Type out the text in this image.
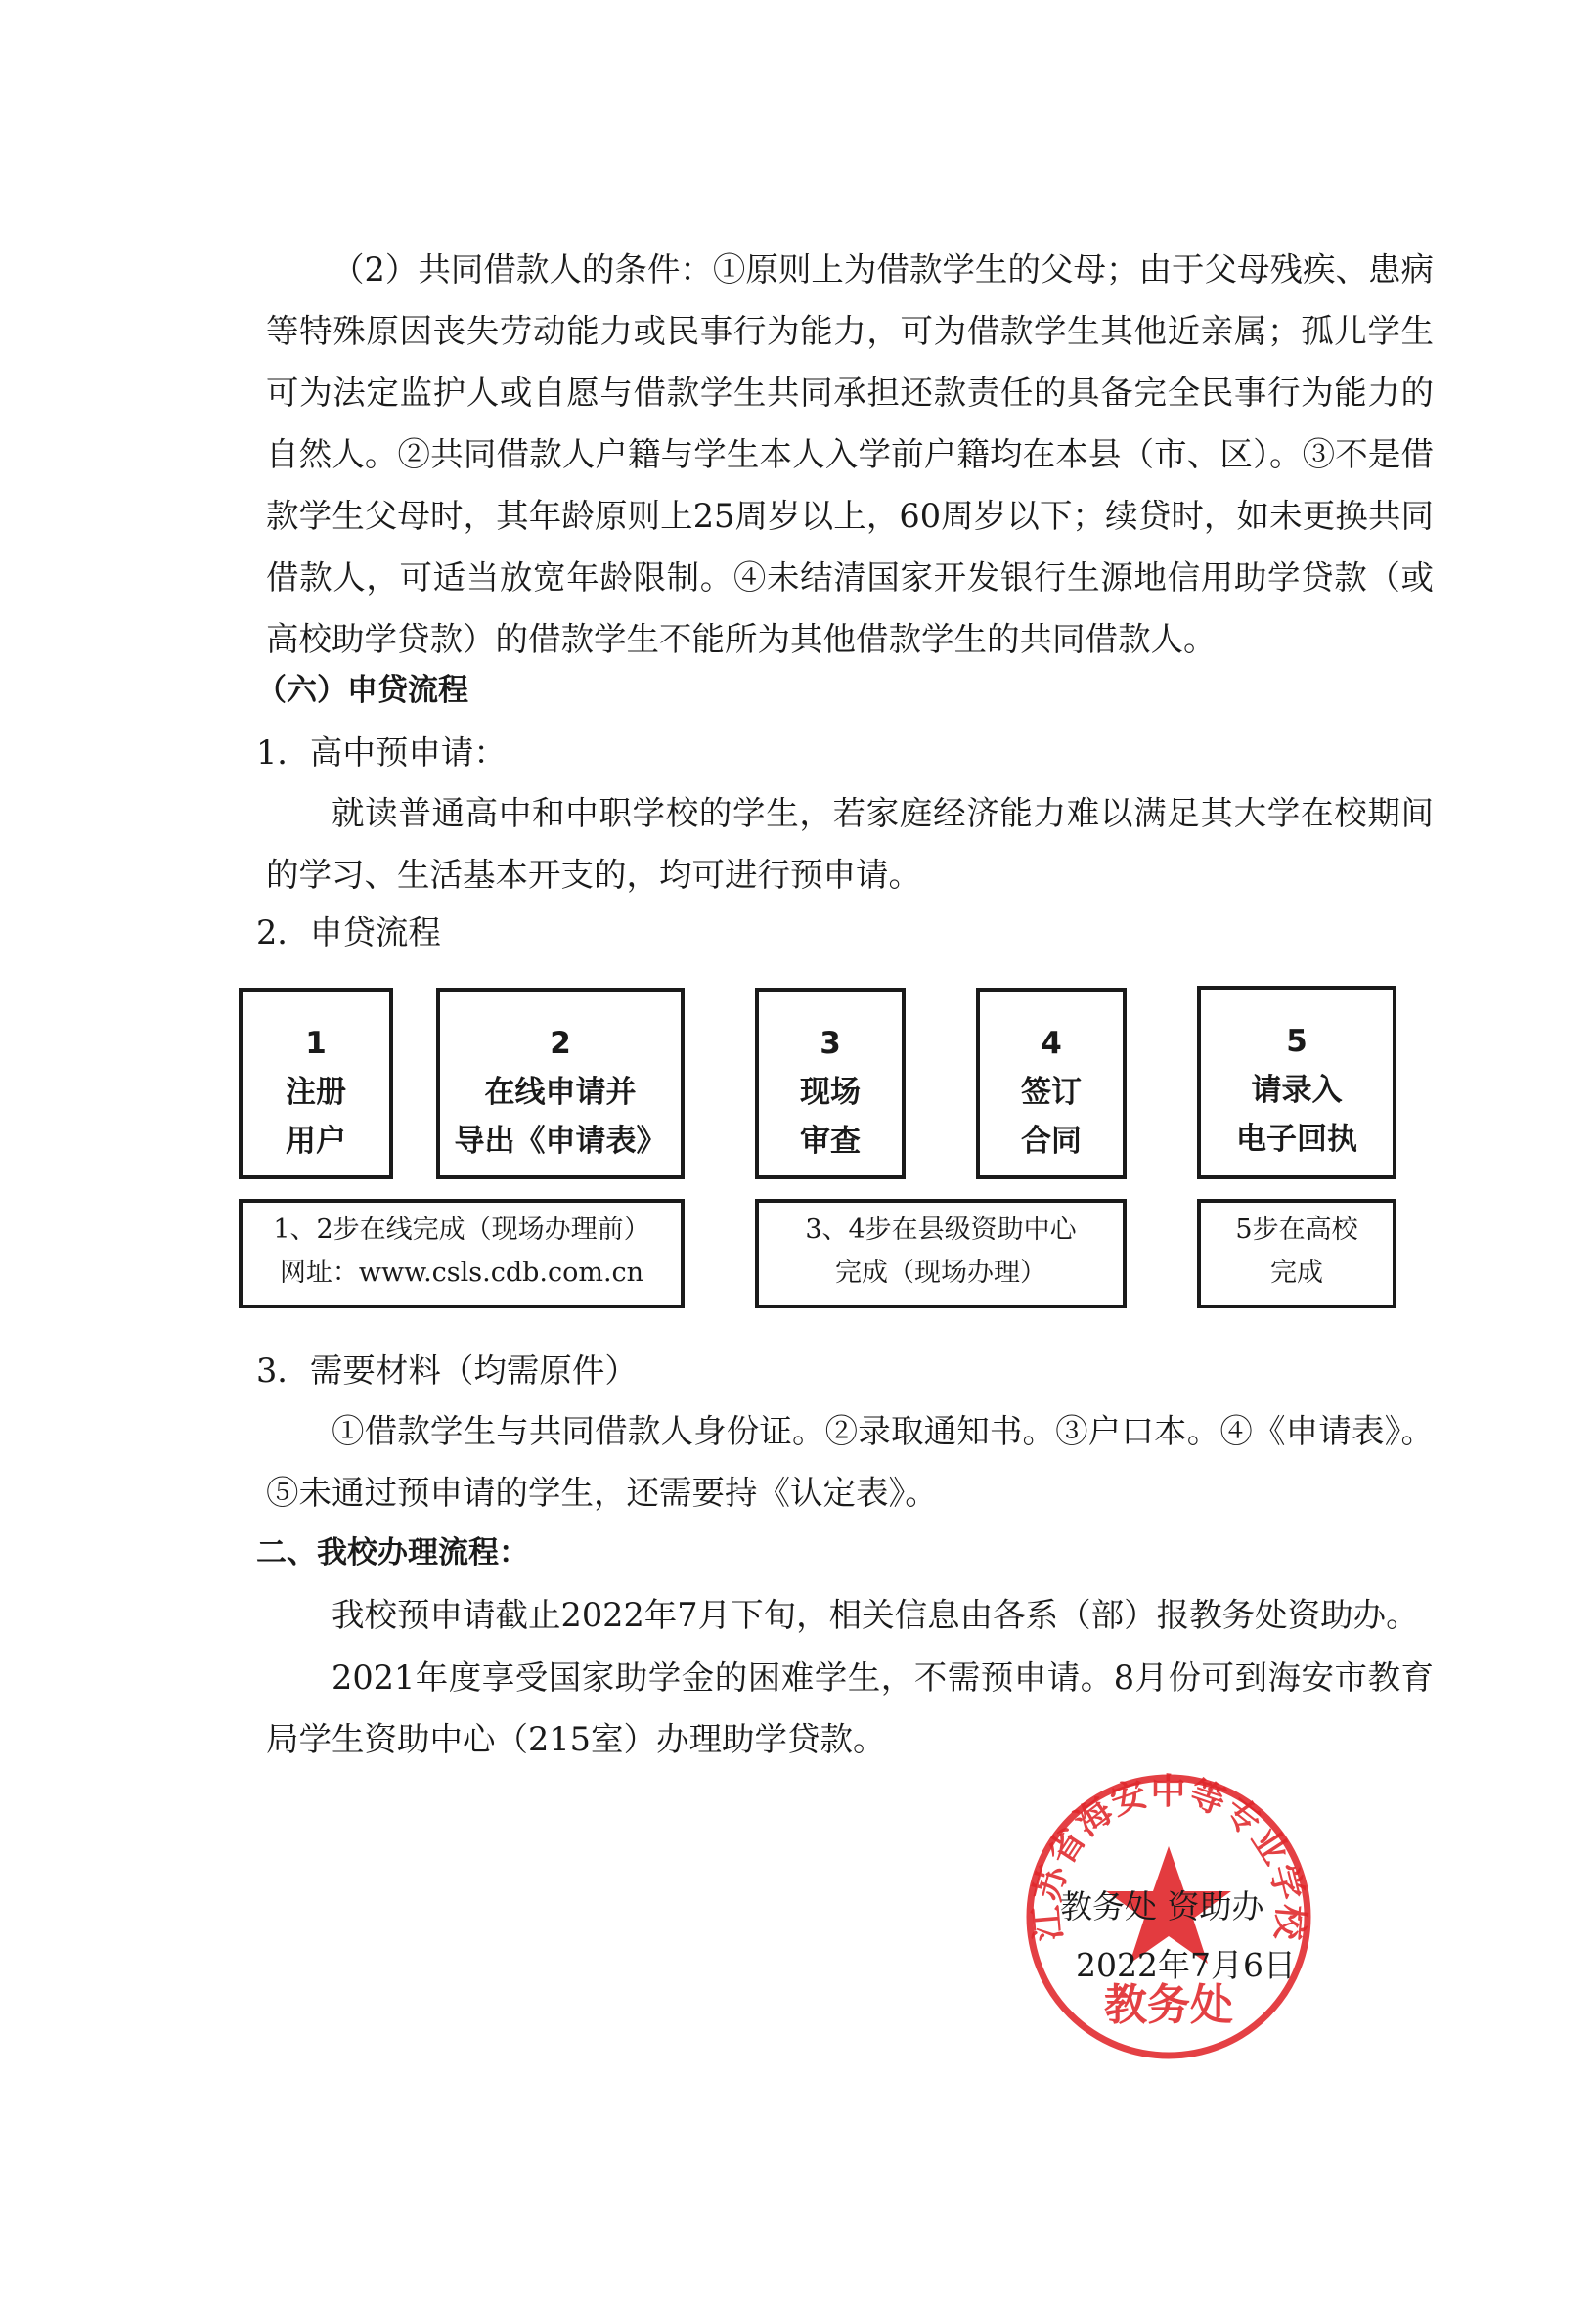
（2）共同借款人的条件：①原则上为借款学生的父母；由于父母残疾、患病等特殊原因丧失劳动能力或民事行为能力，可为借款学生其他近亲属；孤儿学生可为法定监护人或自愿与借款学生共同承担还款责任的具备完全民事行为能力的自然人。②共同借款人户籍与学生本人入学前户籍均在本县（市、区）。③不是借款学生父母时，其年龄原则上25周岁以上，60周岁以下；续贷时，如未更换共同借款人，可适当放宽年龄限制。④未结清国家开发银行生源地信用助学贷款（或高校助学贷款）的借款学生不能所为其他借款学生的共同借款人。

（六）申贷流程

1．高中预申请：

就读普通高中和中职学校的学生，若家庭经济能力难以满足其大学在校期间的学习、生活基本开支的，均可进行预申请。

2．申贷流程

1
注册
用户
2
在线申请并
导出《申请表》
3
现场
审查
4
签订
合同
5
请录入
电子回执
1、2步在线完成（现场办理前）
网址：www.csls.cdb.com.cn
3、4步在县级资助中心
完成（现场办理）
5步在高校
完成

3．需要材料（均需原件）

①借款学生与共同借款人身份证。②录取通知书。③户口本。④《申请表》。⑤未通过预申请的学生，还需要持《认定表》。

二、我校办理流程：

我校预申请截止2022年7月下旬，相关信息由各系（部）报教务处资助办。

2021年度享受国家助学金的困难学生，不需预申请。8月份可到海安市教育局学生资助中心（215室）办理助学贷款。

江苏省海安中等专业学校
教务处
教务处 资助办
2022年7月6日
